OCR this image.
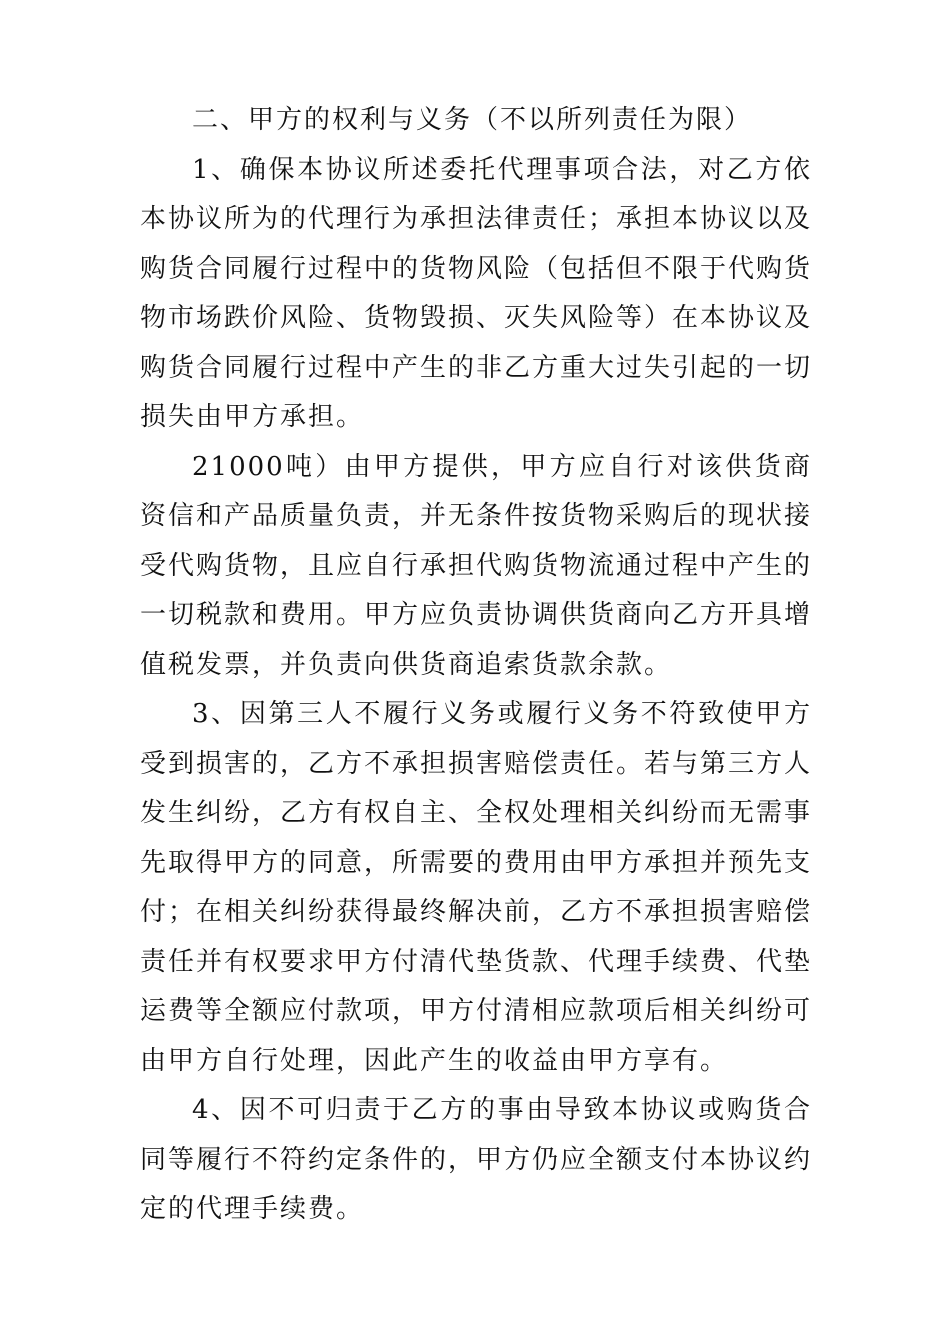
二、甲方的权利与义务（不以所列责任为限）

1、确保本协议所述委托代理事项合法，对乙方依本协议所为的代理行为承担法律责任；承担本协议以及购货合同履行过程中的货物风险（包括但不限于代购货物市场跌价风险、货物毁损、灭失风险等）在本协议及购货合同履行过程中产生的非乙方重大过失引起的一切损失由甲方承担。

21000吨）由甲方提供，甲方应自行对该供货商资信和产品质量负责，并无条件按货物采购后的现状接受代购货物，且应自行承担代购货物流通过程中产生的一切税款和费用。甲方应负责协调供货商向乙方开具增值税发票，并负责向供货商追索货款余款。

3、因第三人不履行义务或履行义务不符致使甲方受到损害的，乙方不承担损害赔偿责任。若与第三方人发生纠纷，乙方有权自主、全权处理相关纠纷而无需事先取得甲方的同意，所需要的费用由甲方承担并预先支付；在相关纠纷获得最终解决前，乙方不承担损害赔偿责任并有权要求甲方付清代垫货款、代理手续费、代垫运费等全额应付款项，甲方付清相应款项后相关纠纷可由甲方自行处理，因此产生的收益由甲方享有。

4、因不可归责于乙方的事由导致本协议或购货合同等履行不符约定条件的，甲方仍应全额支付本协议约定的代理手续费。
